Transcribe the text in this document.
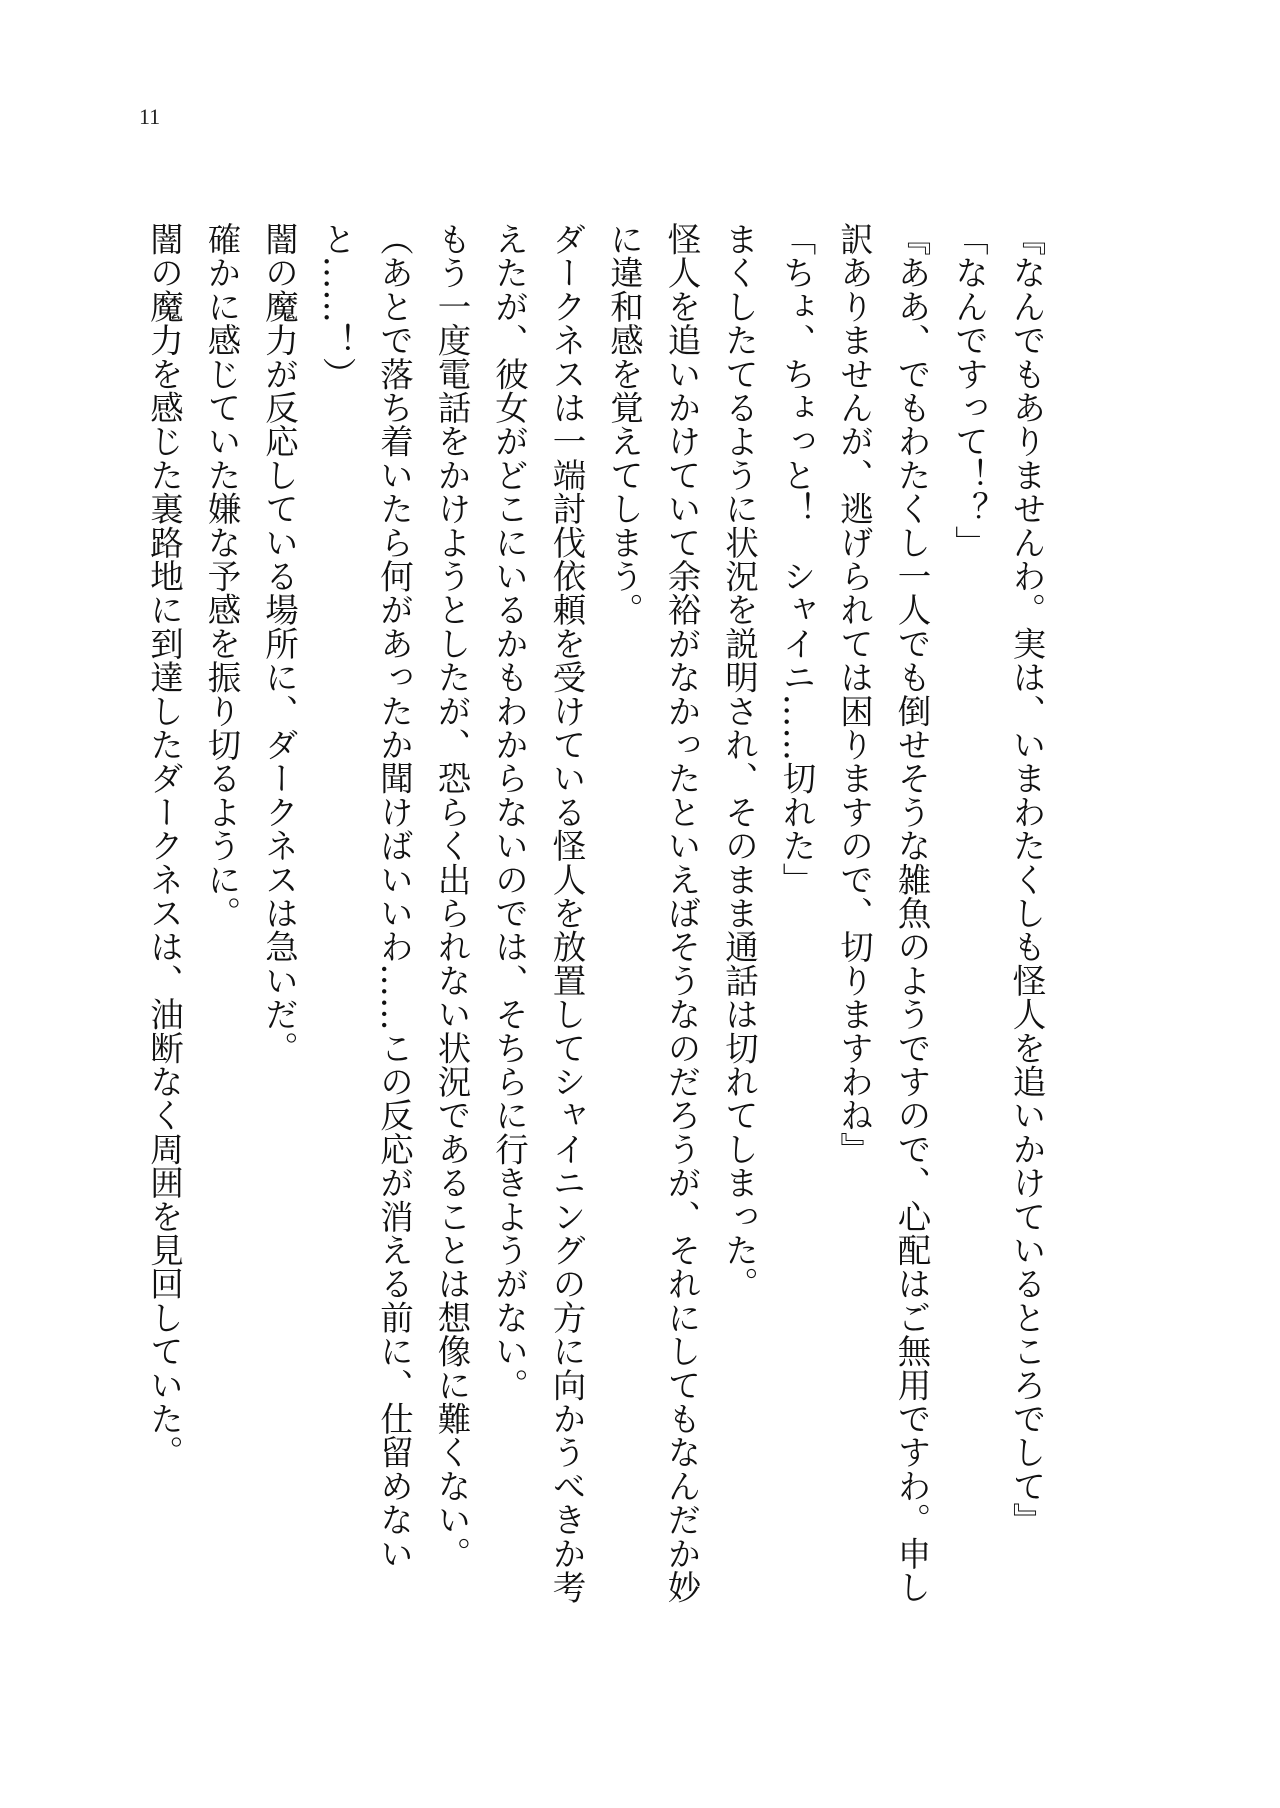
11

『なんでもありませんわ。実は、いまわたくしも怪人を追いかけているところでして』

「なんですって！？」

『ああ、でもわたくし一人でも倒せそうな雑魚のようですので、心配はご無用ですわ。申し訳ありませんが、逃げられては困りますので、切りますわね』

「ちょ、ちょっと！　シャイニ……切れた」

まくしたてるように状況を説明され、そのまま通話は切れてしまった。

怪人を追いかけていて余裕がなかったといえばそうなのだろうが、それにしてもなんだか妙に違和感を覚えてしまう。

ダークネスは一端討伐依頼を受けている怪人を放置してシャイニングの方に向かうべきか考えたが、彼女がどこにいるかもわからないのでは、そちらに行きようがない。

もう一度電話をかけようとしたが、恐らく出られない状況であることは想像に難くない。

（あとで落ち着いたら何があったか聞けばいいわ……この反応が消える前に、仕留めないと……！）

闇の魔力が反応している場所に、ダークネスは急いだ。

確かに感じていた嫌な予感を振り切るように。

闇の魔力を感じた裏路地に到達したダークネスは、油断なく周囲を見回していた。
